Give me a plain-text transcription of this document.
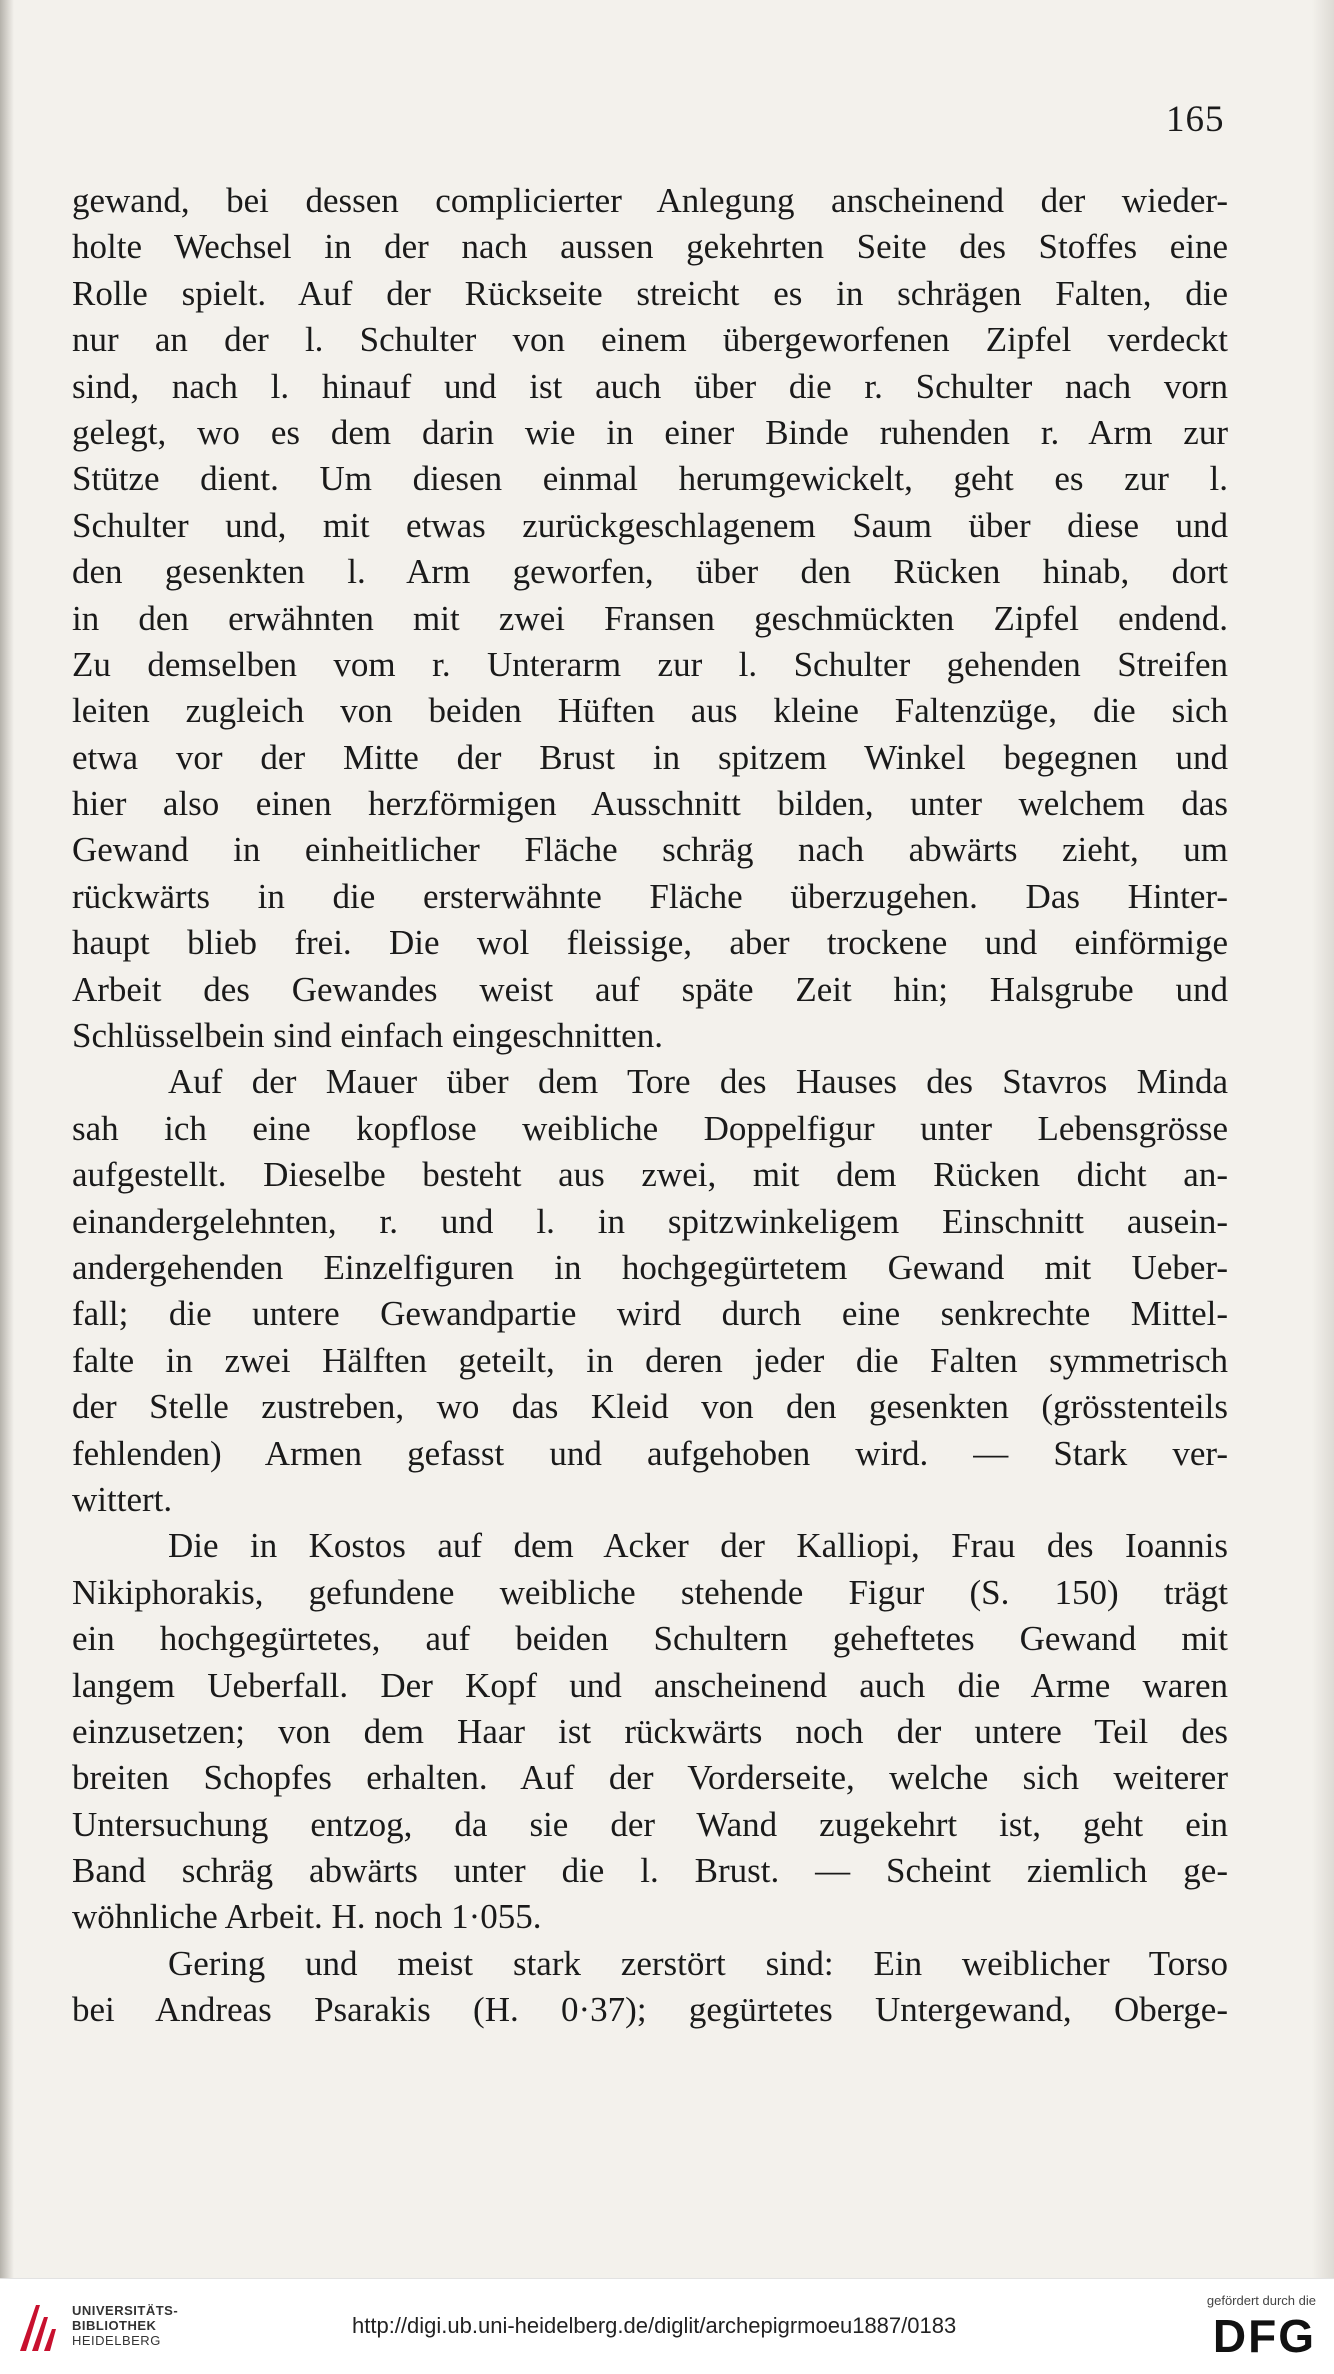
165
gewand, bei dessen complicierter Anlegung anscheinend der wieder-
holte Wechsel in der nach aussen gekehrten Seite des Stoffes eine
Rolle spielt. Auf der Rückseite streicht es in schrägen Falten, die
nur an der l. Schulter von einem übergeworfenen Zipfel verdeckt
sind, nach l. hinauf und ist auch über die r. Schulter nach vorn
gelegt, wo es dem darin wie in einer Binde ruhenden r. Arm zur
Stütze dient. Um diesen einmal herumgewickelt, geht es zur l.
Schulter und, mit etwas zurückgeschlagenem Saum über diese und
den gesenkten l. Arm geworfen, über den Rücken hinab, dort
in den erwähnten mit zwei Fransen geschmückten Zipfel endend.
Zu demselben vom r. Unterarm zur l. Schulter gehenden Streifen
leiten zugleich von beiden Hüften aus kleine Faltenzüge, die sich
etwa vor der Mitte der Brust in spitzem Winkel begegnen und
hier also einen herzförmigen Ausschnitt bilden, unter welchem das
Gewand in einheitlicher Fläche schräg nach abwärts zieht, um
rückwärts in die ersterwähnte Fläche überzugehen. Das Hinter-
haupt blieb frei. Die wol fleissige, aber trockene und einförmige
Arbeit des Gewandes weist auf späte Zeit hin; Halsgrube und
Schlüsselbein sind einfach eingeschnitten.
Auf der Mauer über dem Tore des Hauses des Stavros Minda
sah ich eine kopflose weibliche Doppelfigur unter Lebensgrösse
aufgestellt. Dieselbe besteht aus zwei, mit dem Rücken dicht an-
einandergelehnten, r. und l. in spitzwinkeligem Einschnitt ausein-
andergehenden Einzelfiguren in hochgegürtetem Gewand mit Ueber-
fall; die untere Gewandpartie wird durch eine senkrechte Mittel-
falte in zwei Hälften geteilt, in deren jeder die Falten symmetrisch
der Stelle zustreben, wo das Kleid von den gesenkten (grösstenteils
fehlenden) Armen gefasst und aufgehoben wird. — Stark ver-
wittert.
Die in Kostos auf dem Acker der Kalliopi, Frau des Ioannis
Nikiphorakis, gefundene weibliche stehende Figur (S. 150) trägt
ein hochgegürtetes, auf beiden Schultern geheftetes Gewand mit
langem Ueberfall. Der Kopf und anscheinend auch die Arme waren
einzusetzen; von dem Haar ist rückwärts noch der untere Teil des
breiten Schopfes erhalten. Auf der Vorderseite, welche sich weiterer
Untersuchung entzog, da sie der Wand zugekehrt ist, geht ein
Band schräg abwärts unter die l. Brust. — Scheint ziemlich ge-
wöhnliche Arbeit. H. noch 1·055.
Gering und meist stark zerstört sind: Ein weiblicher Torso
bei Andreas Psarakis (H. 0·37); gegürtetes Untergewand, Oberge-
UNIVERSITÄTS-
BIBLIOTHEK
HEIDELBERG
http://digi.ub.uni-heidelberg.de/diglit/archepigrmoeu1887/0183
gefördert durch die
DFG
